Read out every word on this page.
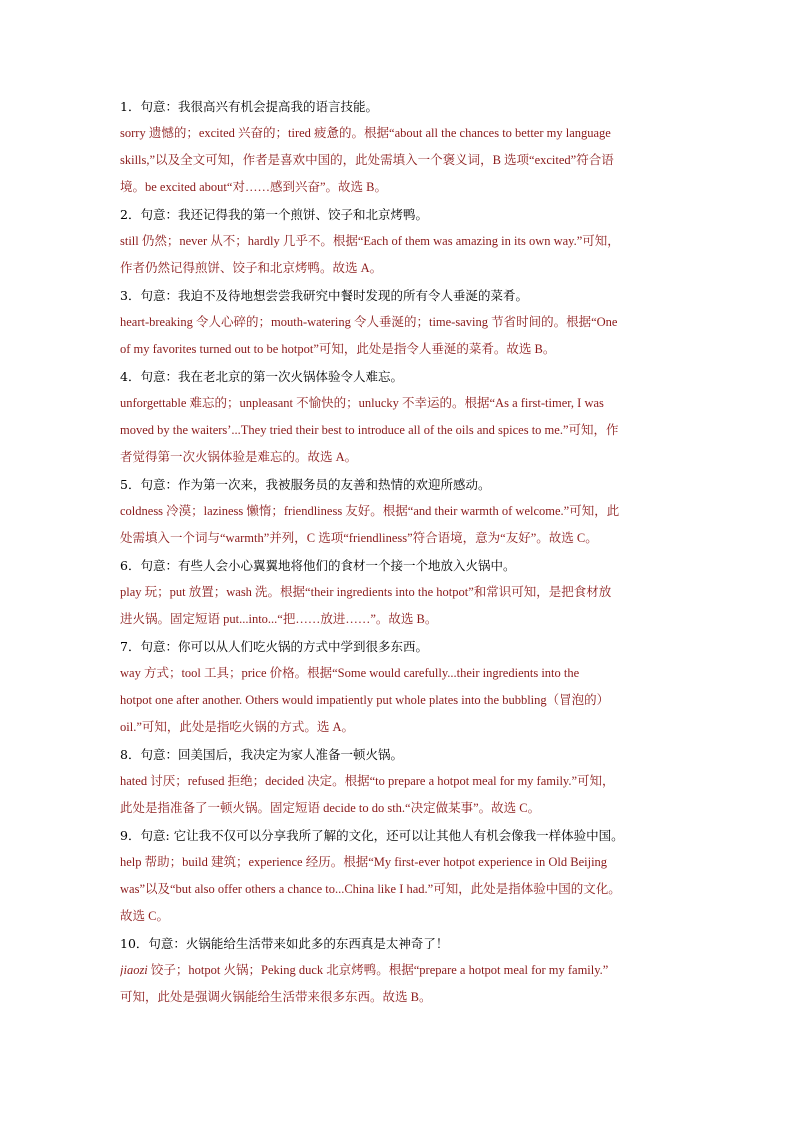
1．句意：我很高兴有机会提高我的语言技能。
sorry 遗憾的；excited 兴奋的；tired 疲惫的。根据“about all the chances to better my language
skills,”以及全文可知，作者是喜欢中国的，此处需填入一个褒义词，B 选项“excited”符合语
境。be excited about“对……感到兴奋”。故选 B。
2．句意：我还记得我的第一个煎饼、饺子和北京烤鸭。
still 仍然；never 从不；hardly 几乎不。根据“Each of them was amazing in its own way.”可知，
作者仍然记得煎饼、饺子和北京烤鸭。故选 A。
3．句意：我迫不及待地想尝尝我研究中餐时发现的所有令人垂涎的菜肴。
heart-breaking 令人心碎的；mouth-watering 令人垂涎的；time-saving 节省时间的。根据“One
of my favorites turned out to be hotpot”可知，此处是指令人垂涎的菜肴。故选 B。
4．句意：我在老北京的第一次火锅体验令人难忘。
unforgettable 难忘的；unpleasant 不愉快的；unlucky 不幸运的。根据“As a first-timer, I was
moved by the waiters’...They tried their best to introduce all of the oils and spices to me.”可知，作
者觉得第一次火锅体验是难忘的。故选 A。
5．句意：作为第一次来，我被服务员的友善和热情的欢迎所感动。
coldness 冷漠；laziness 懒惰；friendliness 友好。根据“and their warmth of welcome.”可知，此
处需填入一个词与“warmth”并列，C 选项“friendliness”符合语境，意为“友好”。故选 C。
6．句意：有些人会小心翼翼地将他们的食材一个接一个地放入火锅中。
play 玩；put 放置；wash 洗。根据“their ingredients into the hotpot”和常识可知，是把食材放
进火锅。固定短语 put...into...“把……放进……”。故选 B。
7．句意：你可以从人们吃火锅的方式中学到很多东西。
way 方式；tool 工具；price 价格。根据“Some would carefully...their ingredients into the
hotpot one after another. Others would impatiently put whole plates into the bubbling（冒泡的）
oil.”可知，此处是指吃火锅的方式。选 A。
8．句意：回美国后，我决定为家人准备一顿火锅。
hated 讨厌；refused 拒绝；decided 决定。根据“to prepare a hotpot meal for my family.”可知，
此处是指准备了一顿火锅。固定短语 decide to do sth.“决定做某事”。故选 C。
9．句意: 它让我不仅可以分享我所了解的文化，还可以让其他人有机会像我一样体验中国。
help 帮助；build 建筑；experience 经历。根据“My first-ever hotpot experience in Old Beijing
was”以及“but also offer others a chance to...China like I had.”可知，此处是指体验中国的文化。
故选 C。
10．句意：火锅能给生活带来如此多的东西真是太神奇了！
jiaozi 饺子；hotpot 火锅；Peking duck 北京烤鸭。根据“prepare a hotpot meal for my family.”
可知，此处是强调火锅能给生活带来很多东西。故选 B。
